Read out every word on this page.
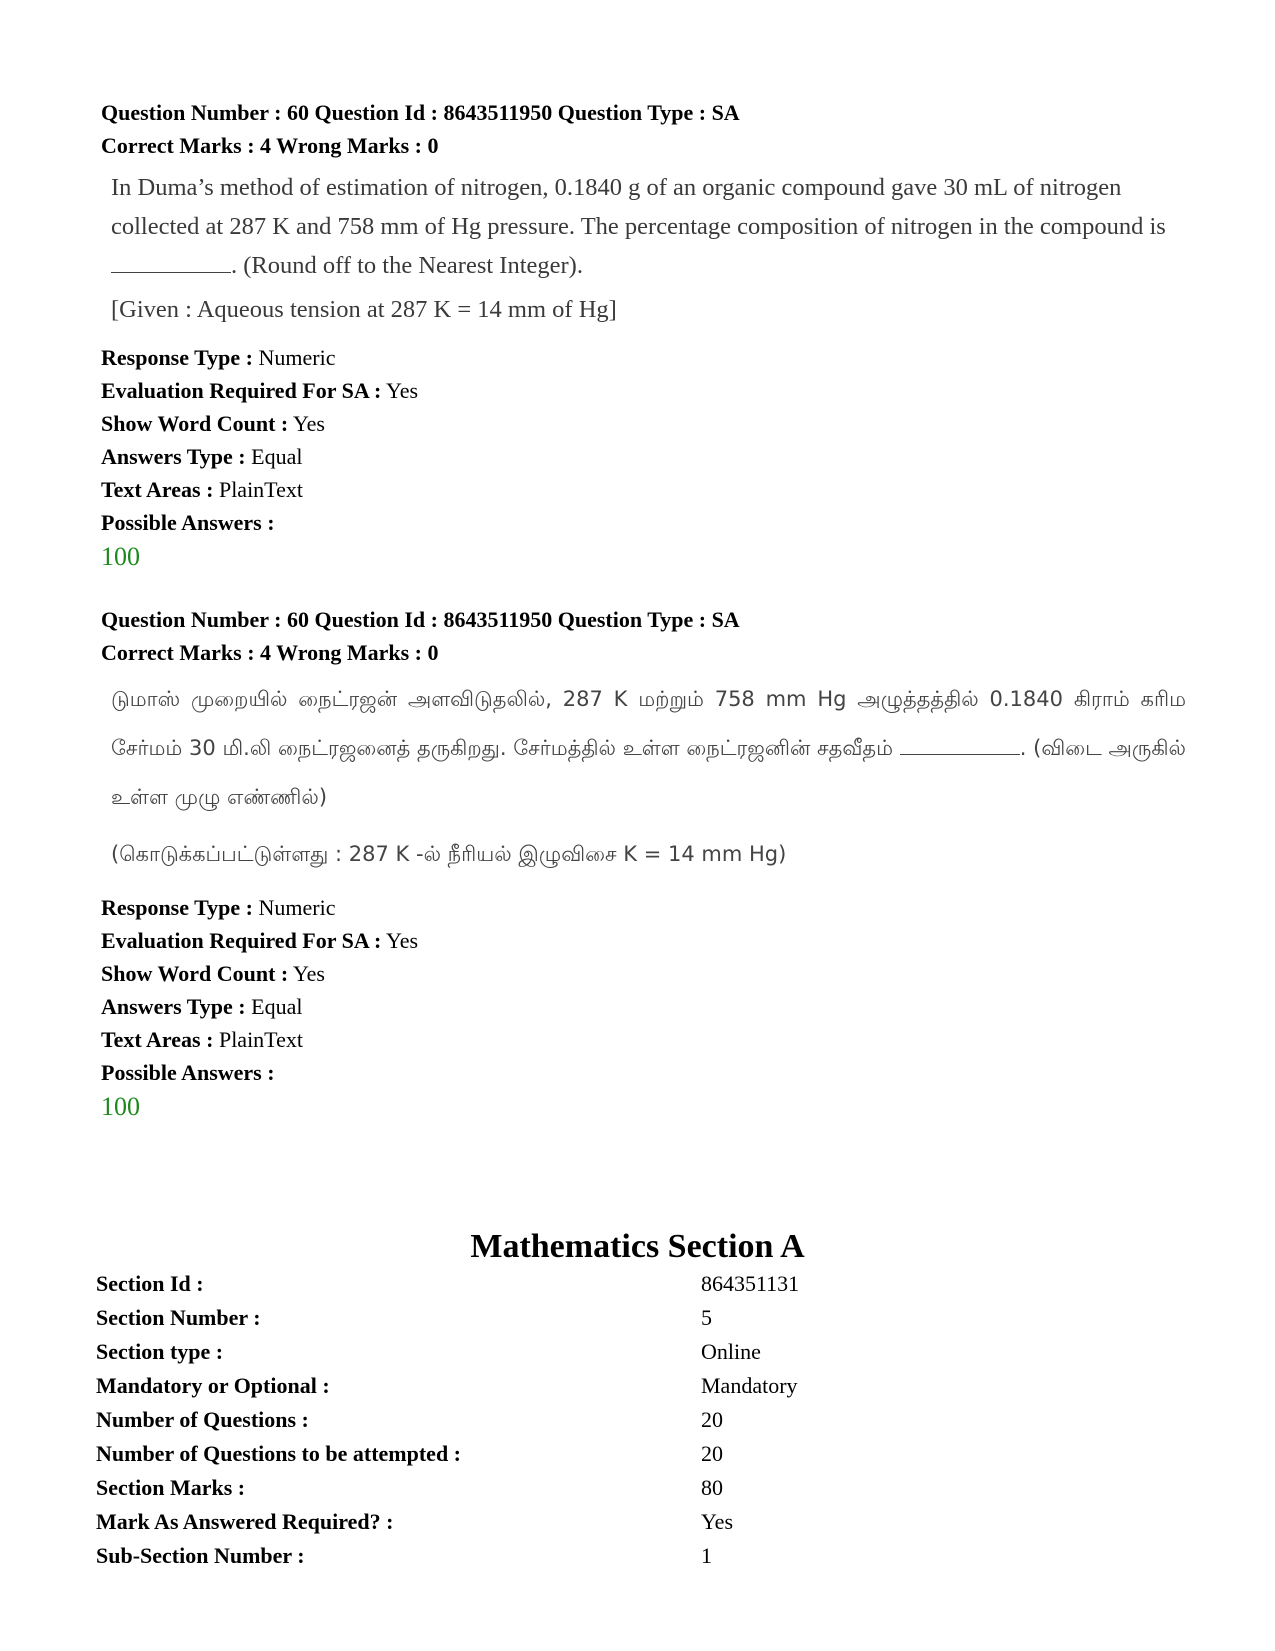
Question Number : 60 Question Id : 8643511950 Question Type : SA
Correct Marks : 4 Wrong Marks : 0

In Duma’s method of estimation of nitrogen, 0.1840 g of an organic compound gave 30 mL of nitrogen collected at 287 K and 758 mm of Hg pressure. The percentage composition of nitrogen in the compound is . (Round off to the Nearest Integer).

[Given : Aqueous tension at 287 K = 14 mm of Hg]

Response Type : Numeric
Evaluation Required For SA : Yes
Show Word Count : Yes
Answers Type : Equal
Text Areas : PlainText
Possible Answers :
100
Question Number : 60 Question Id : 8643511950 Question Type : SA
Correct Marks : 4 Wrong Marks : 0

டுமாஸ் முறையில் நைட்ரஜன் அளவிடுதலில், 287 K மற்றும் 758 mm Hg அழுத்தத்தில் 0.1840 கிராம் கரிம சேர்மம் 30 மி.லி நைட்ரஜனைத் தருகிறது. சேர்மத்தில் உள்ள நைட்ரஜனின் சதவீதம்	. (விடை அருகில் உள்ள முழு எண்ணில்)

(கொடுக்கப்பட்டுள்ளது : 287 K -ல் நீரியல் இழுவிசை K = 14 mm Hg)

Response Type : Numeric
Evaluation Required For SA : Yes
Show Word Count : Yes
Answers Type : Equal
Text Areas : PlainText
Possible Answers :
100
Mathematics Section A
Section Id :	864351131
Section Number :	5
Section type :	Online
Mandatory or Optional :	Mandatory
Number of Questions :	20
Number of Questions to be attempted :	20
Section Marks :	80
Mark As Answered Required? :	Yes
Sub-Section Number :	1
